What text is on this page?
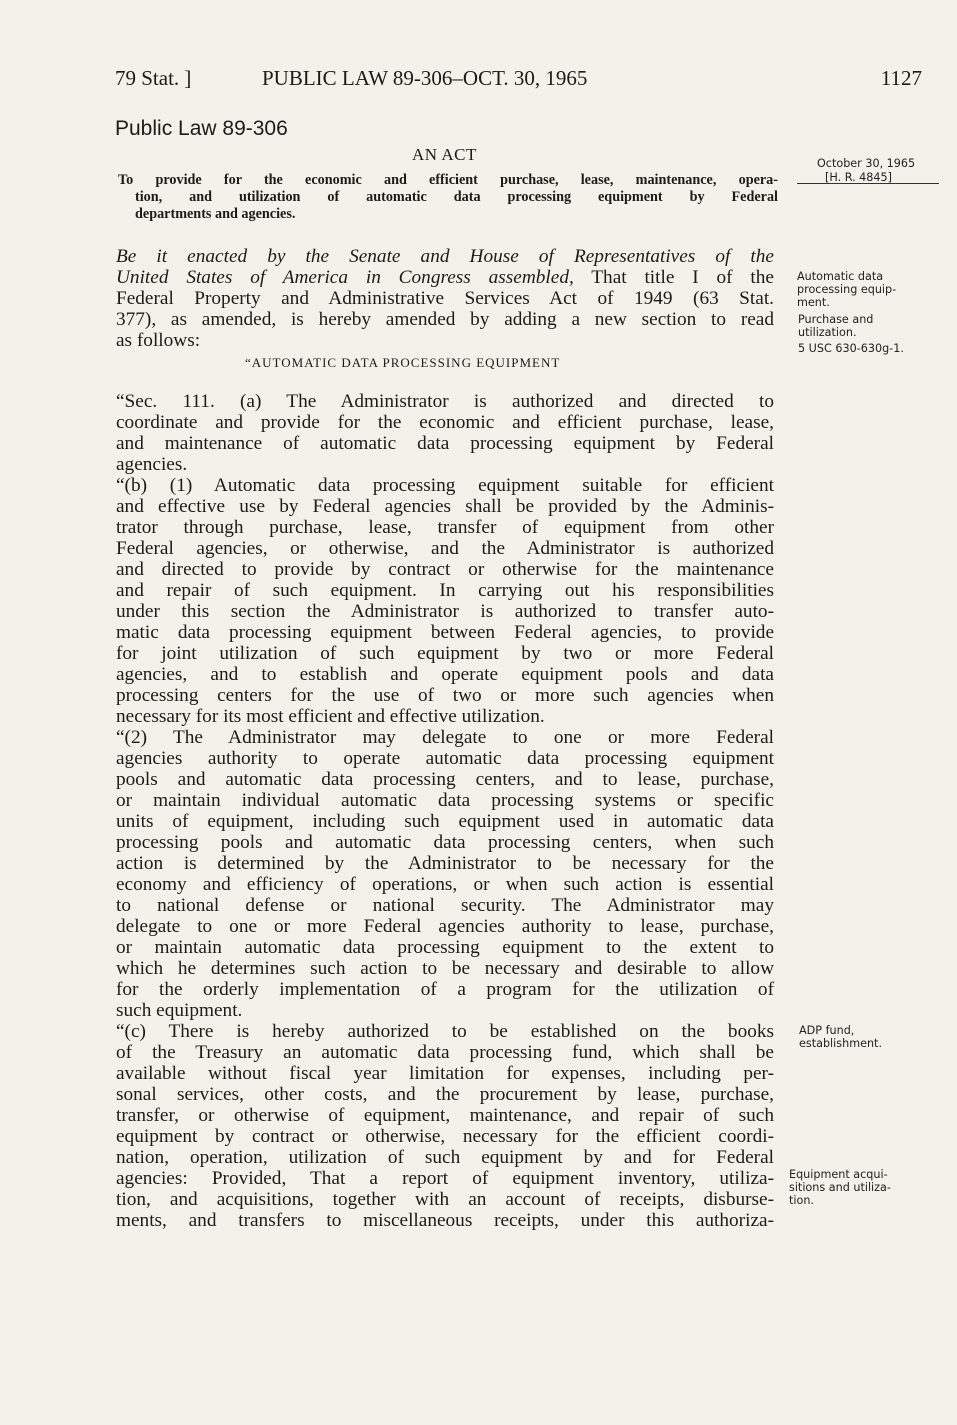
79 Stat. ]	PUBLIC LAW 89-306–OCT. 30, 1965	1127
Public Law 89-306
AN ACT
To provide for the economic and efficient purchase, lease, maintenance, opera-
tion, and utilization of automatic data processing equipment by Federal
departments and agencies.
October 30, 1965
[H. R. 4845]
Automatic data
processing equip-
ment.
Purchase and
utilization.
5 USC 630-630g-1.
ADP fund,
establishment.
Equipment acqui-
sitions and utiliza-
tion.
Be it enacted by the Senate and House of Representatives of the
United States of America in Congress assembled, That title I of the
Federal Property and Administrative Services Act of 1949 (63 Stat.
377), as amended, is hereby amended by adding a new section to read
as follows:
“AUTOMATIC DATA PROCESSING EQUIPMENT
“Sec. 111. (a) The Administrator is authorized and directed to
coordinate and provide for the economic and efficient purchase, lease,
and maintenance of automatic data processing equipment by Federal
agencies.
“(b) (1) Automatic data processing equipment suitable for efficient
and effective use by Federal agencies shall be provided by the Adminis-
trator through purchase, lease, transfer of equipment from other
Federal agencies, or otherwise, and the Administrator is authorized
and directed to provide by contract or otherwise for the maintenance
and repair of such equipment. In carrying out his responsibilities
under this section the Administrator is authorized to transfer auto-
matic data processing equipment between Federal agencies, to provide
for joint utilization of such equipment by two or more Federal
agencies, and to establish and operate equipment pools and data
processing centers for the use of two or more such agencies when
necessary for its most efficient and effective utilization.
“(2) The Administrator may delegate to one or more Federal
agencies authority to operate automatic data processing equipment
pools and automatic data processing centers, and to lease, purchase,
or maintain individual automatic data processing systems or specific
units of equipment, including such equipment used in automatic data
processing pools and automatic data processing centers, when such
action is determined by the Administrator to be necessary for the
economy and efficiency of operations, or when such action is essential
to national defense or national security. The Administrator may
delegate to one or more Federal agencies authority to lease, purchase,
or maintain automatic data processing equipment to the extent to
which he determines such action to be necessary and desirable to allow
for the orderly implementation of a program for the utilization of
such equipment.
“(c) There is hereby authorized to be established on the books
of the Treasury an automatic data processing fund, which shall be
available without fiscal year limitation for expenses, including per-
sonal services, other costs, and the procurement by lease, purchase,
transfer, or otherwise of equipment, maintenance, and repair of such
equipment by contract or otherwise, necessary for the efficient coordi-
nation, operation, utilization of such equipment by and for Federal
agencies: Provided, That a report of equipment inventory, utiliza-
tion, and acquisitions, together with an account of receipts, disburse-
ments, and transfers to miscellaneous receipts, under this authoriza-
